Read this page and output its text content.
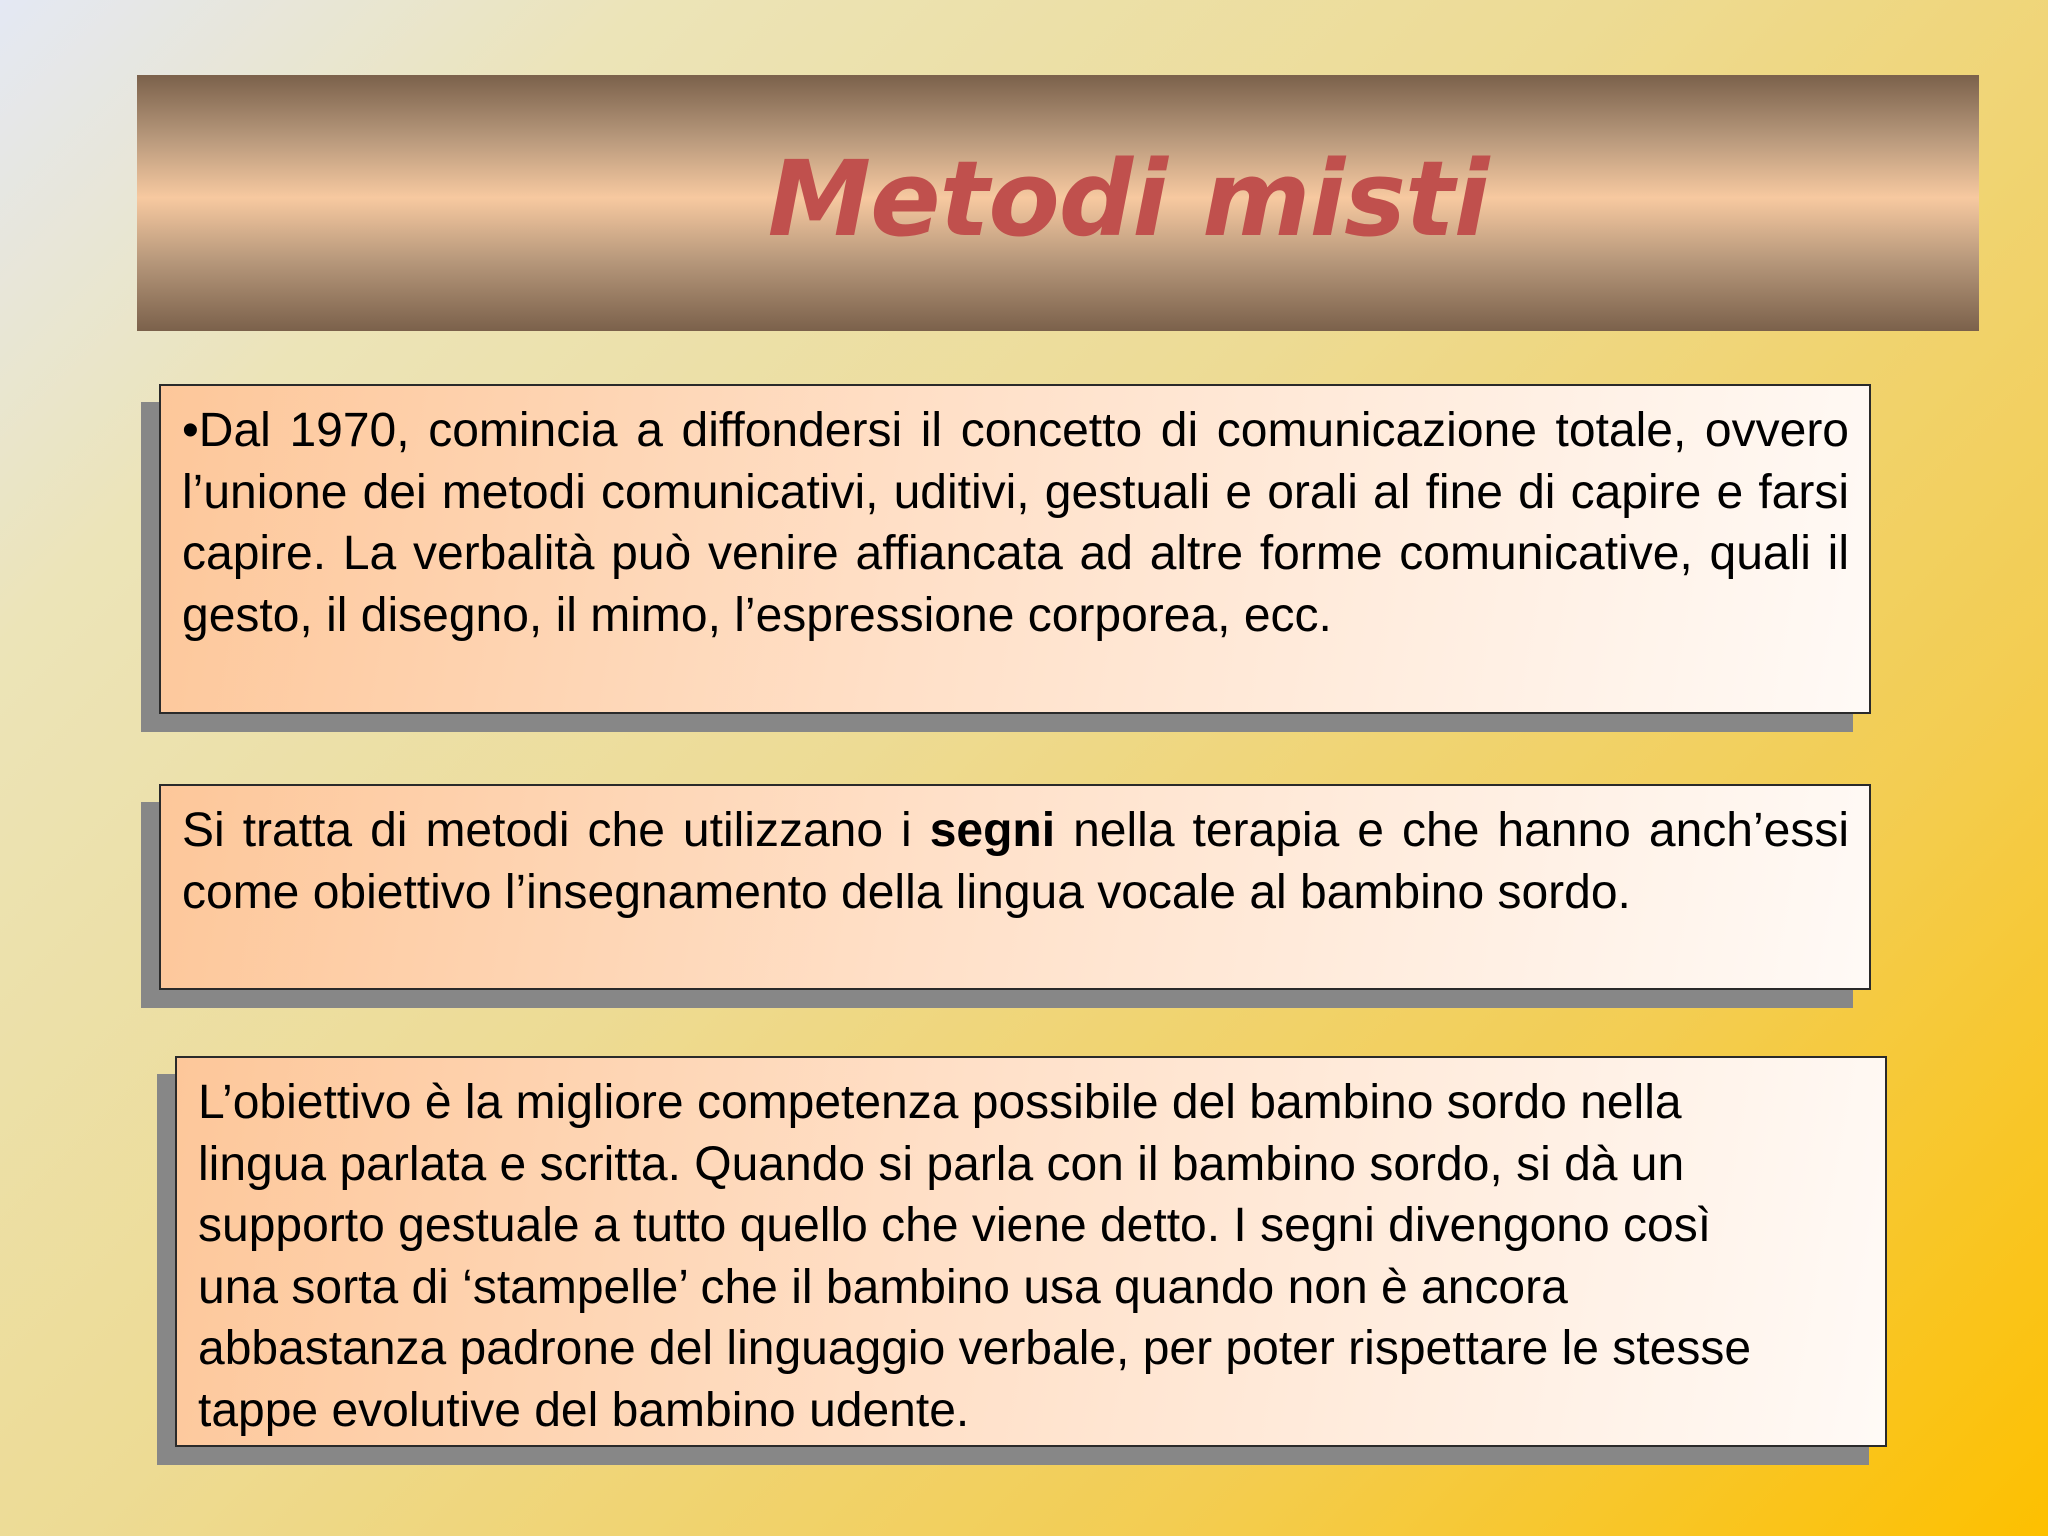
Metodi misti

•Dal 1970, comincia a diffondersi il concetto di comunicazione totale, ovvero l’unione dei metodi comunicativi, uditivi, gestuali e orali al fine di capire e farsi capire. La verbalità può venire affiancata ad altre forme comunicative, quali il gesto, il disegno, il mimo, l’espressione corporea, ecc.

Si tratta di metodi che utilizzano i segni nella terapia e che hanno anch’essi come obiettivo l’insegnamento della lingua vocale al bambino sordo.

L’obiettivo è la migliore competenza possibile del bambino sordo nella
lingua parlata e scritta. Quando si parla con il bambino sordo, si dà un
supporto gestuale a tutto quello che viene detto. I segni divengono così
una sorta di ‘stampelle’ che il bambino usa quando non è ancora
abbastanza padrone del linguaggio verbale, per poter rispettare le stesse
tappe evolutive del bambino udente.
